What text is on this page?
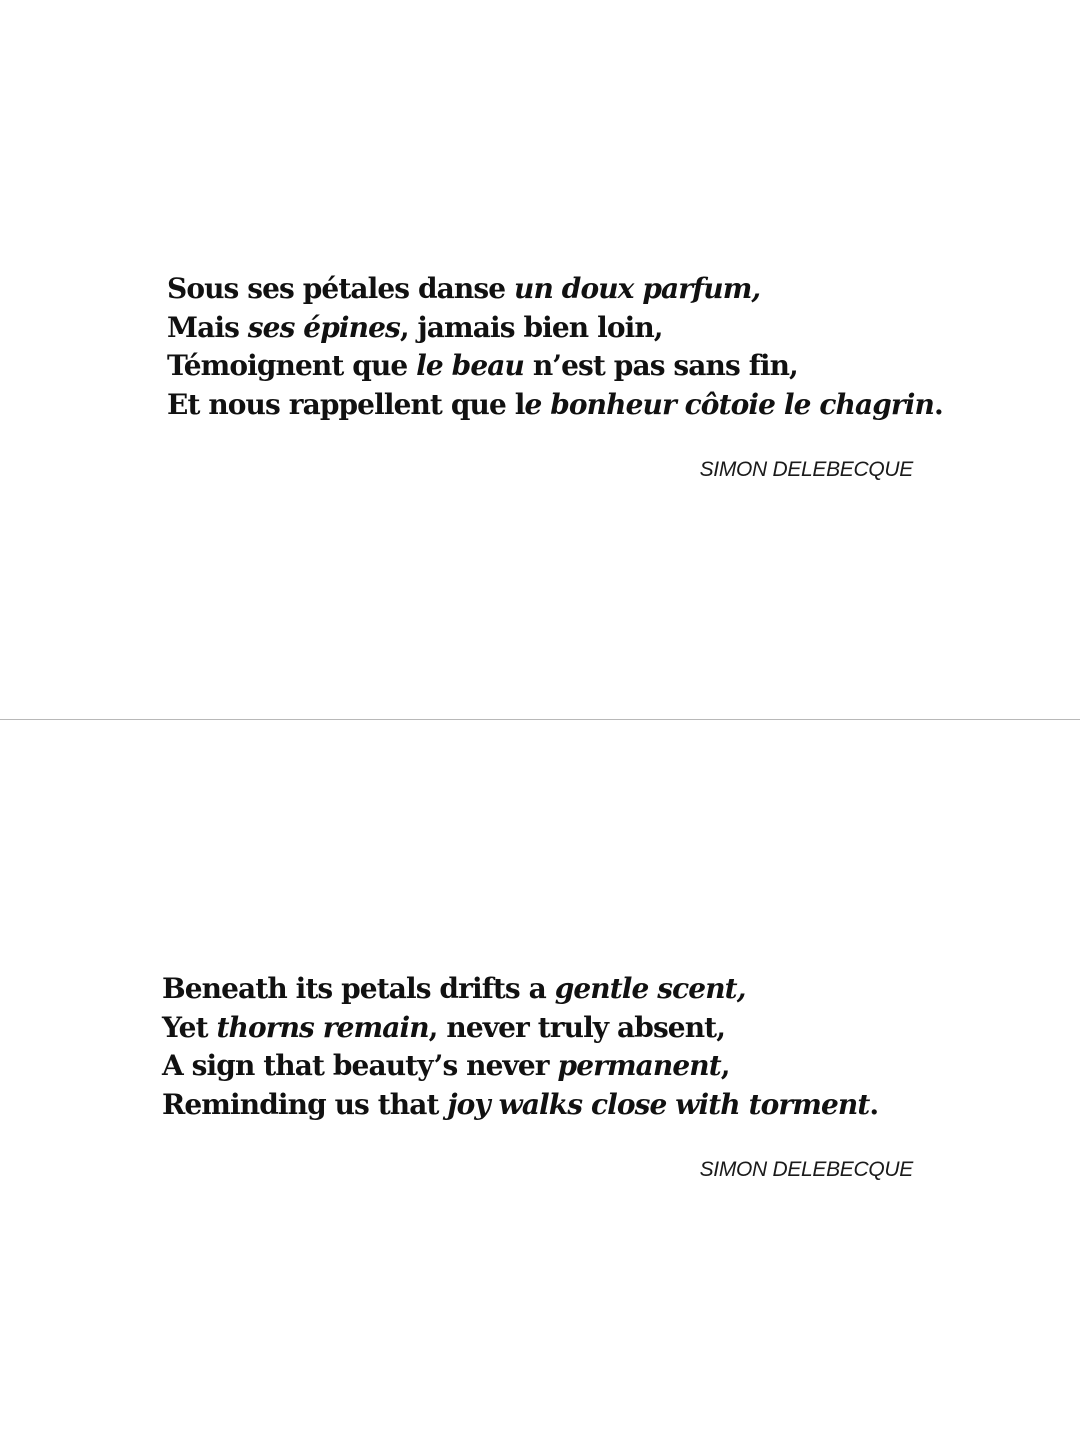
Sous ses pétales danse un doux parfum,
Mais ses épines, jamais bien loin,
Témoignent que le beau n’est pas sans fin,
Et nous rappellent que le bonheur côtoie le chagrin.
SIMON DELEBECQUE
Beneath its petals drifts a gentle scent,
Yet thorns remain, never truly absent,
A sign that beauty’s never permanent,
Reminding us that joy walks close with torment.
SIMON DELEBECQUE
